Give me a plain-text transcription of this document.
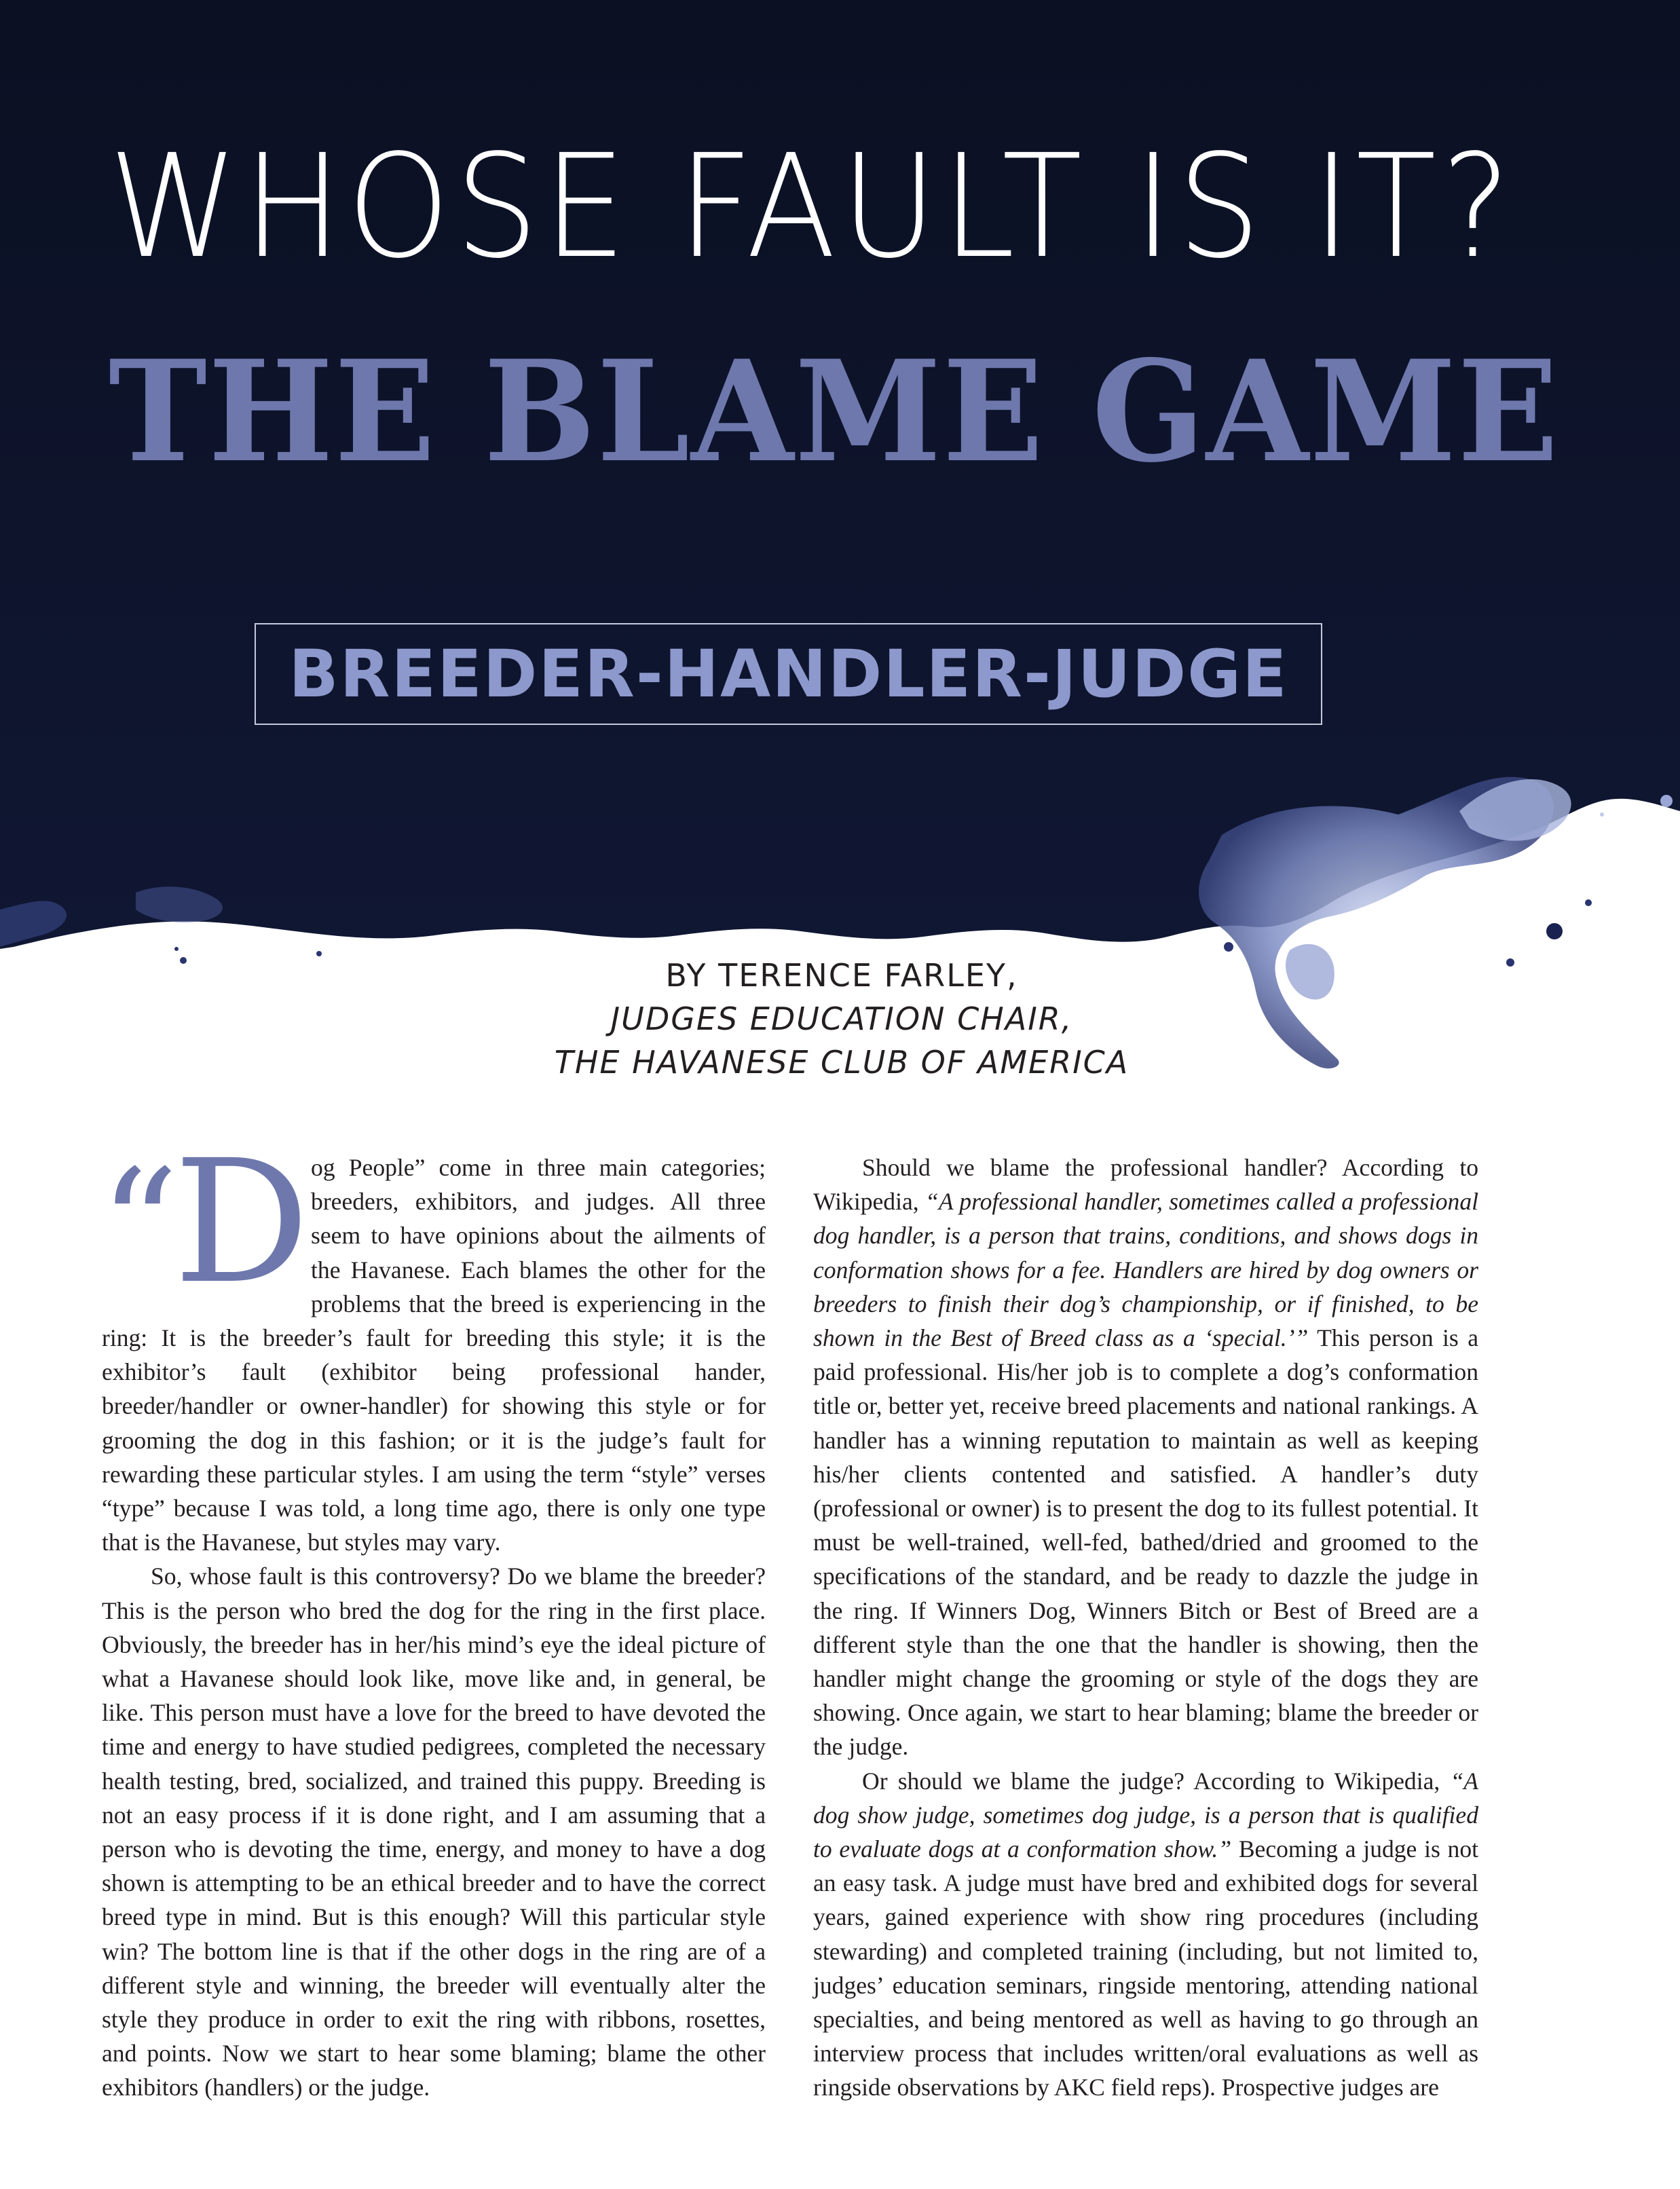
WHOSE FAULT IS IT?
THE BLAME GAME
BREEDER-HANDLER-JUDGE
BY TERENCE FARLEY,
JUDGES EDUCATION CHAIR,
THE HAVANESE CLUB OF AMERICA

“D og People” come in three main categories; breeders, exhibitors, and judges. All three seem to have opinions about the ailments of the Havanese. Each blames the other for the problems that the breed is experiencing in the ring: It is the breeder’s fault for breeding this style; it is the exhibitor’s fault (exhibitor being professional hander, breeder/handler or owner-handler) for showing this style or for grooming the dog in this fashion; or it is the judge’s fault for rewarding these particular styles. I am using the term “style” verses “type” because I was told, a long time ago, there is only one type that is the Havanese, but styles may vary.

So, whose fault is this controversy? Do we blame the breeder? This is the person who bred the dog for the ring in the first place. Obviously, the breeder has in her/his mind’s eye the ideal picture of what a Havanese should look like, move like and, in general, be like. This person must have a love for the breed to have devoted the time and energy to have studied pedigrees, completed the necessary health testing, bred, socialized, and trained this puppy. Breeding is not an easy process if it is done right, and I am assuming that a person who is devoting the time, energy, and money to have a dog shown is attempting to be an ethical breeder and to have the correct breed type in mind. But is this enough? Will this particular style win? The bottom line is that if the other dogs in the ring are of a different style and winning, the breeder will eventually alter the style they produce in order to exit the ring with ribbons, rosettes, and points. Now we start to hear some blaming; blame the other exhibitors (handlers) or the judge.

Should we blame the professional handler? According to Wikipedia, “A professional handler, sometimes called a professional dog handler, is a person that trains, conditions, and shows dogs in conformation shows for a fee. Handlers are hired by dog owners or breeders to finish their dog’s championship, or if finished, to be shown in the Best of Breed class as a ‘special.’” This person is a paid professional. His/her job is to complete a dog’s conformation title or, better yet, receive breed placements and national rankings. A handler has a winning reputation to maintain as well as keeping his/her clients contented and satisfied. A handler’s duty (professional or owner) is to present the dog to its fullest potential. It must be well-trained, well-fed, bathed/dried and groomed to the specifications of the standard, and be ready to dazzle the judge in the ring. If Winners Dog, Winners Bitch or Best of Breed are a different style than the one that the handler is showing, then the handler might change the grooming or style of the dogs they are showing. Once again, we start to hear blaming; blame the breeder or the judge.

Or should we blame the judge? According to Wikipedia, “A dog show judge, sometimes dog judge, is a person that is qualified to evaluate dogs at a conformation show.” Becoming a judge is not an easy task. A judge must have bred and exhibited dogs for several years, gained experience with show ring procedures (including stewarding) and completed training (including, but not limited to, judges’ education seminars, ringside mentoring, attending national specialties, and being mentored as well as having to go through an interview process that includes written/oral evaluations as well as ringside observations by AKC field reps). Prospective judges are
